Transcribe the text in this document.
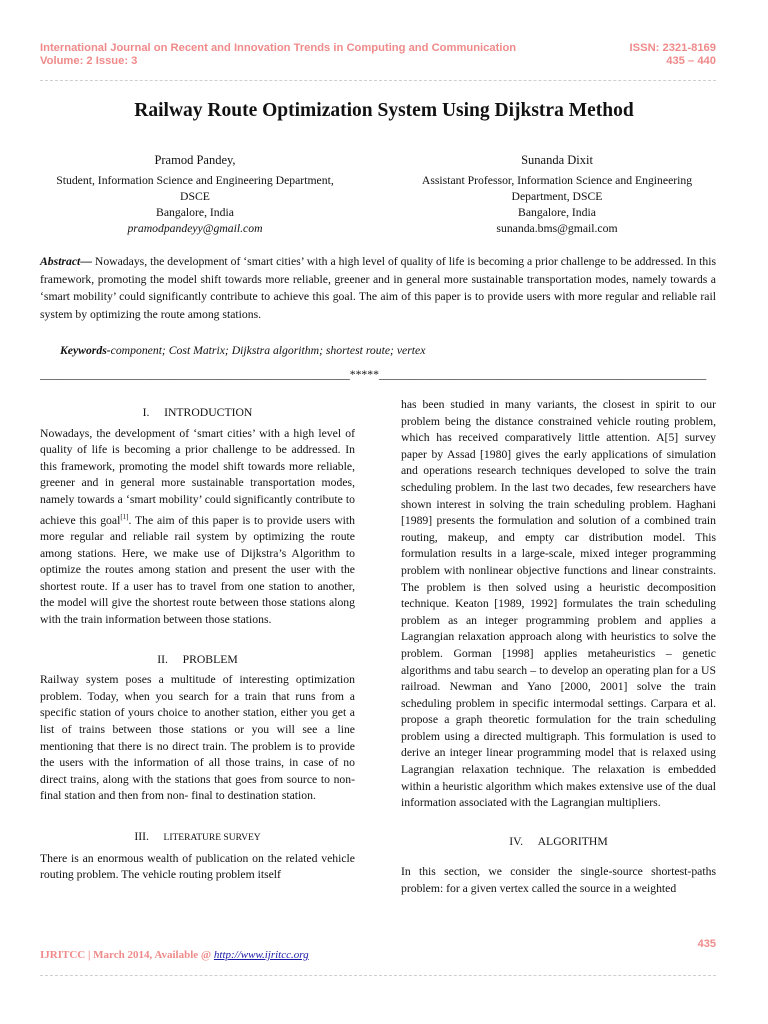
International Journal on Recent and Innovation Trends in Computing and Communication
Volume: 2 Issue: 3
ISSN: 2321-8169
435 – 440
Railway Route Optimization System Using Dijkstra Method
Pramod Pandey,
Student, Information Science and Engineering Department, DSCE
Bangalore, India
pramodpandeyy@gmail.com
Sunanda Dixit
Assistant Professor, Information Science and Engineering Department, DSCE
Bangalore, India
sunanda.bms@gmail.com
Abstract— Nowadays, the development of ‘smart cities’ with a high level of quality of life is becoming a prior challenge to be addressed. In this framework, promoting the model shift towards more reliable, greener and in general more sustainable transportation modes, namely towards a ‘smart mobility’ could significantly contribute to achieve this goal. The aim of this paper is to provide users with more regular and reliable rail system by optimizing the route among stations.
Keywords-component; Cost Matrix; Dijkstra algorithm; shortest route; vertex
_____________________________________________________*****________________________________________________________

I. INTRODUCTION

Nowadays, the development of ‘smart cities’ with a high level of quality of life is becoming a prior challenge to be addressed. In this framework, promoting the model shift towards more reliable, greener and in general more sustainable transportation modes, namely towards a ‘smart mobility’ could significantly contribute to achieve this goal[1]. The aim of this paper is to provide users with more regular and reliable rail system by optimizing the route among stations. Here, we make use of Dijkstra’s Algorithm to optimize the routes among station and present the user with the shortest route. If a user has to travel from one station to another, the model will give the shortest route between those stations along with the train information between those stations.

II. PROBLEM

Railway system poses a multitude of interesting optimization problem. Today, when you search for a train that runs from a specific station of yours choice to another station, either you get a list of trains between those stations or you will see a line mentioning that there is no direct train. The problem is to provide the users with the information of all those trains, in case of no direct trains, along with the stations that goes from source to non-final station and then from non- final to destination station.

III. LITERATURE SURVEY

There is an enormous wealth of publication on the related vehicle routing problem. The vehicle routing problem itself

has been studied in many variants, the closest in spirit to our problem being the distance constrained vehicle routing problem, which has received comparatively little attention. A[5] survey paper by Assad [1980] gives the early applications of simulation and operations research techniques developed to solve the train scheduling problem. In the last two decades, few researchers have shown interest in solving the train scheduling problem. Haghani [1989] presents the formulation and solution of a combined train routing, makeup, and empty car distribution model. This formulation results in a large-scale, mixed integer programming problem with nonlinear objective functions and linear constraints. The problem is then solved using a heuristic decomposition technique. Keaton [1989, 1992] formulates the train scheduling problem as an integer programming problem and applies a Lagrangian relaxation approach along with heuristics to solve the problem. Gorman [1998] applies metaheuristics – genetic algorithms and tabu search – to develop an operating plan for a US railroad. Newman and Yano [2000, 2001] solve the train scheduling problem in specific intermodal settings. Carpara et al. propose a graph theoretic formulation for the train scheduling problem using a directed multigraph. This formulation is used to derive an integer linear programming model that is relaxed using Lagrangian relaxation technique. The relaxation is embedded within a heuristic algorithm which makes extensive use of the dual information associated with the Lagrangian multipliers.

IV. ALGORITHM

In this section, we consider the single-source shortest-paths problem: for a given vertex called the source in a weighted

435
IJRITCC | March 2014, Available @ http://www.ijritcc.org
